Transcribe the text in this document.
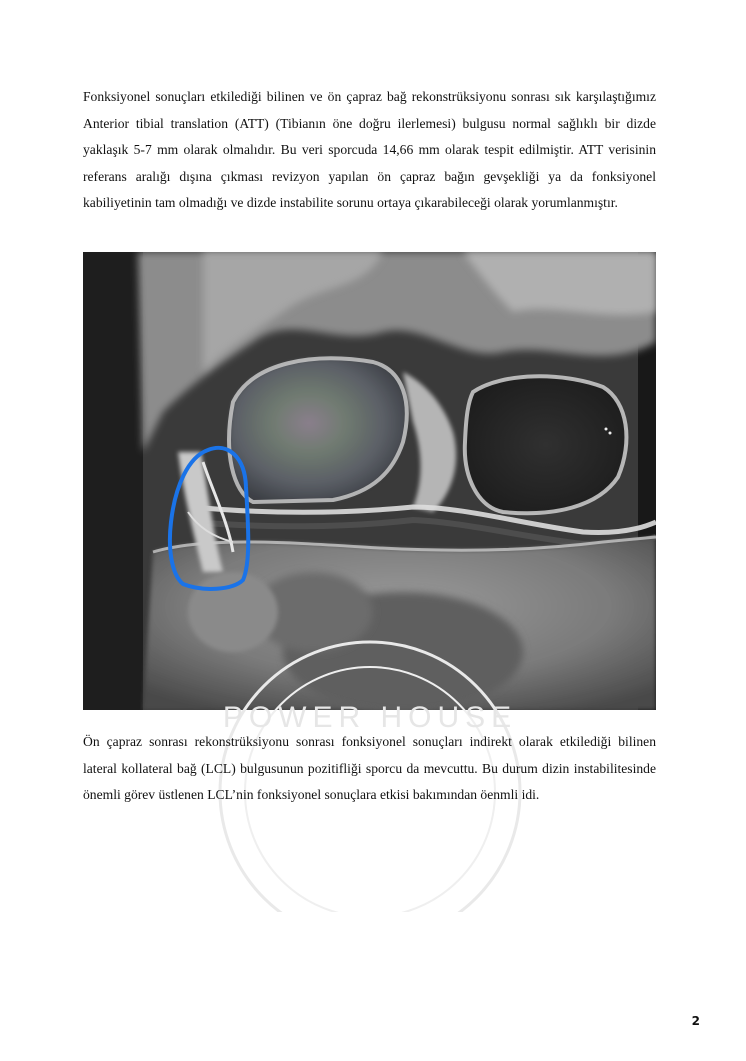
Fonksiyonel sonuçları etkilediği bilinen ve ön çapraz bağ rekonstrüksiyonu sonrası sık karşılaştığımız Anterior tibial translation (ATT) (Tibianın öne doğru ilerlemesi) bulgusu normal sağlıklı bir dizde yaklaşık 5-7 mm olarak olmalıdır. Bu veri sporcuda 14,66 mm olarak tespit edilmiştir. ATT verisinin referans aralığı dışına çıkması revizyon yapılan ön çapraz bağın gevşekliği ya da fonksiyonel kabiliyetinin tam olmadığı ve dizde instabilite sorunu ortaya çıkarabileceği olarak yorumlanmıştır.

POWER HOUSE

Ön çapraz sonrası rekonstrüksiyonu sonrası fonksiyonel sonuçları indirekt olarak etkilediği bilinen lateral kollateral bağ (LCL) bulgusunun pozitifliği sporcu da mevcuttu. Bu durum dizin instabilitesinde önemli görev üstlenen LCL’nin fonksiyonel sonuçlara etkisi bakımından öenmli idi.

2
